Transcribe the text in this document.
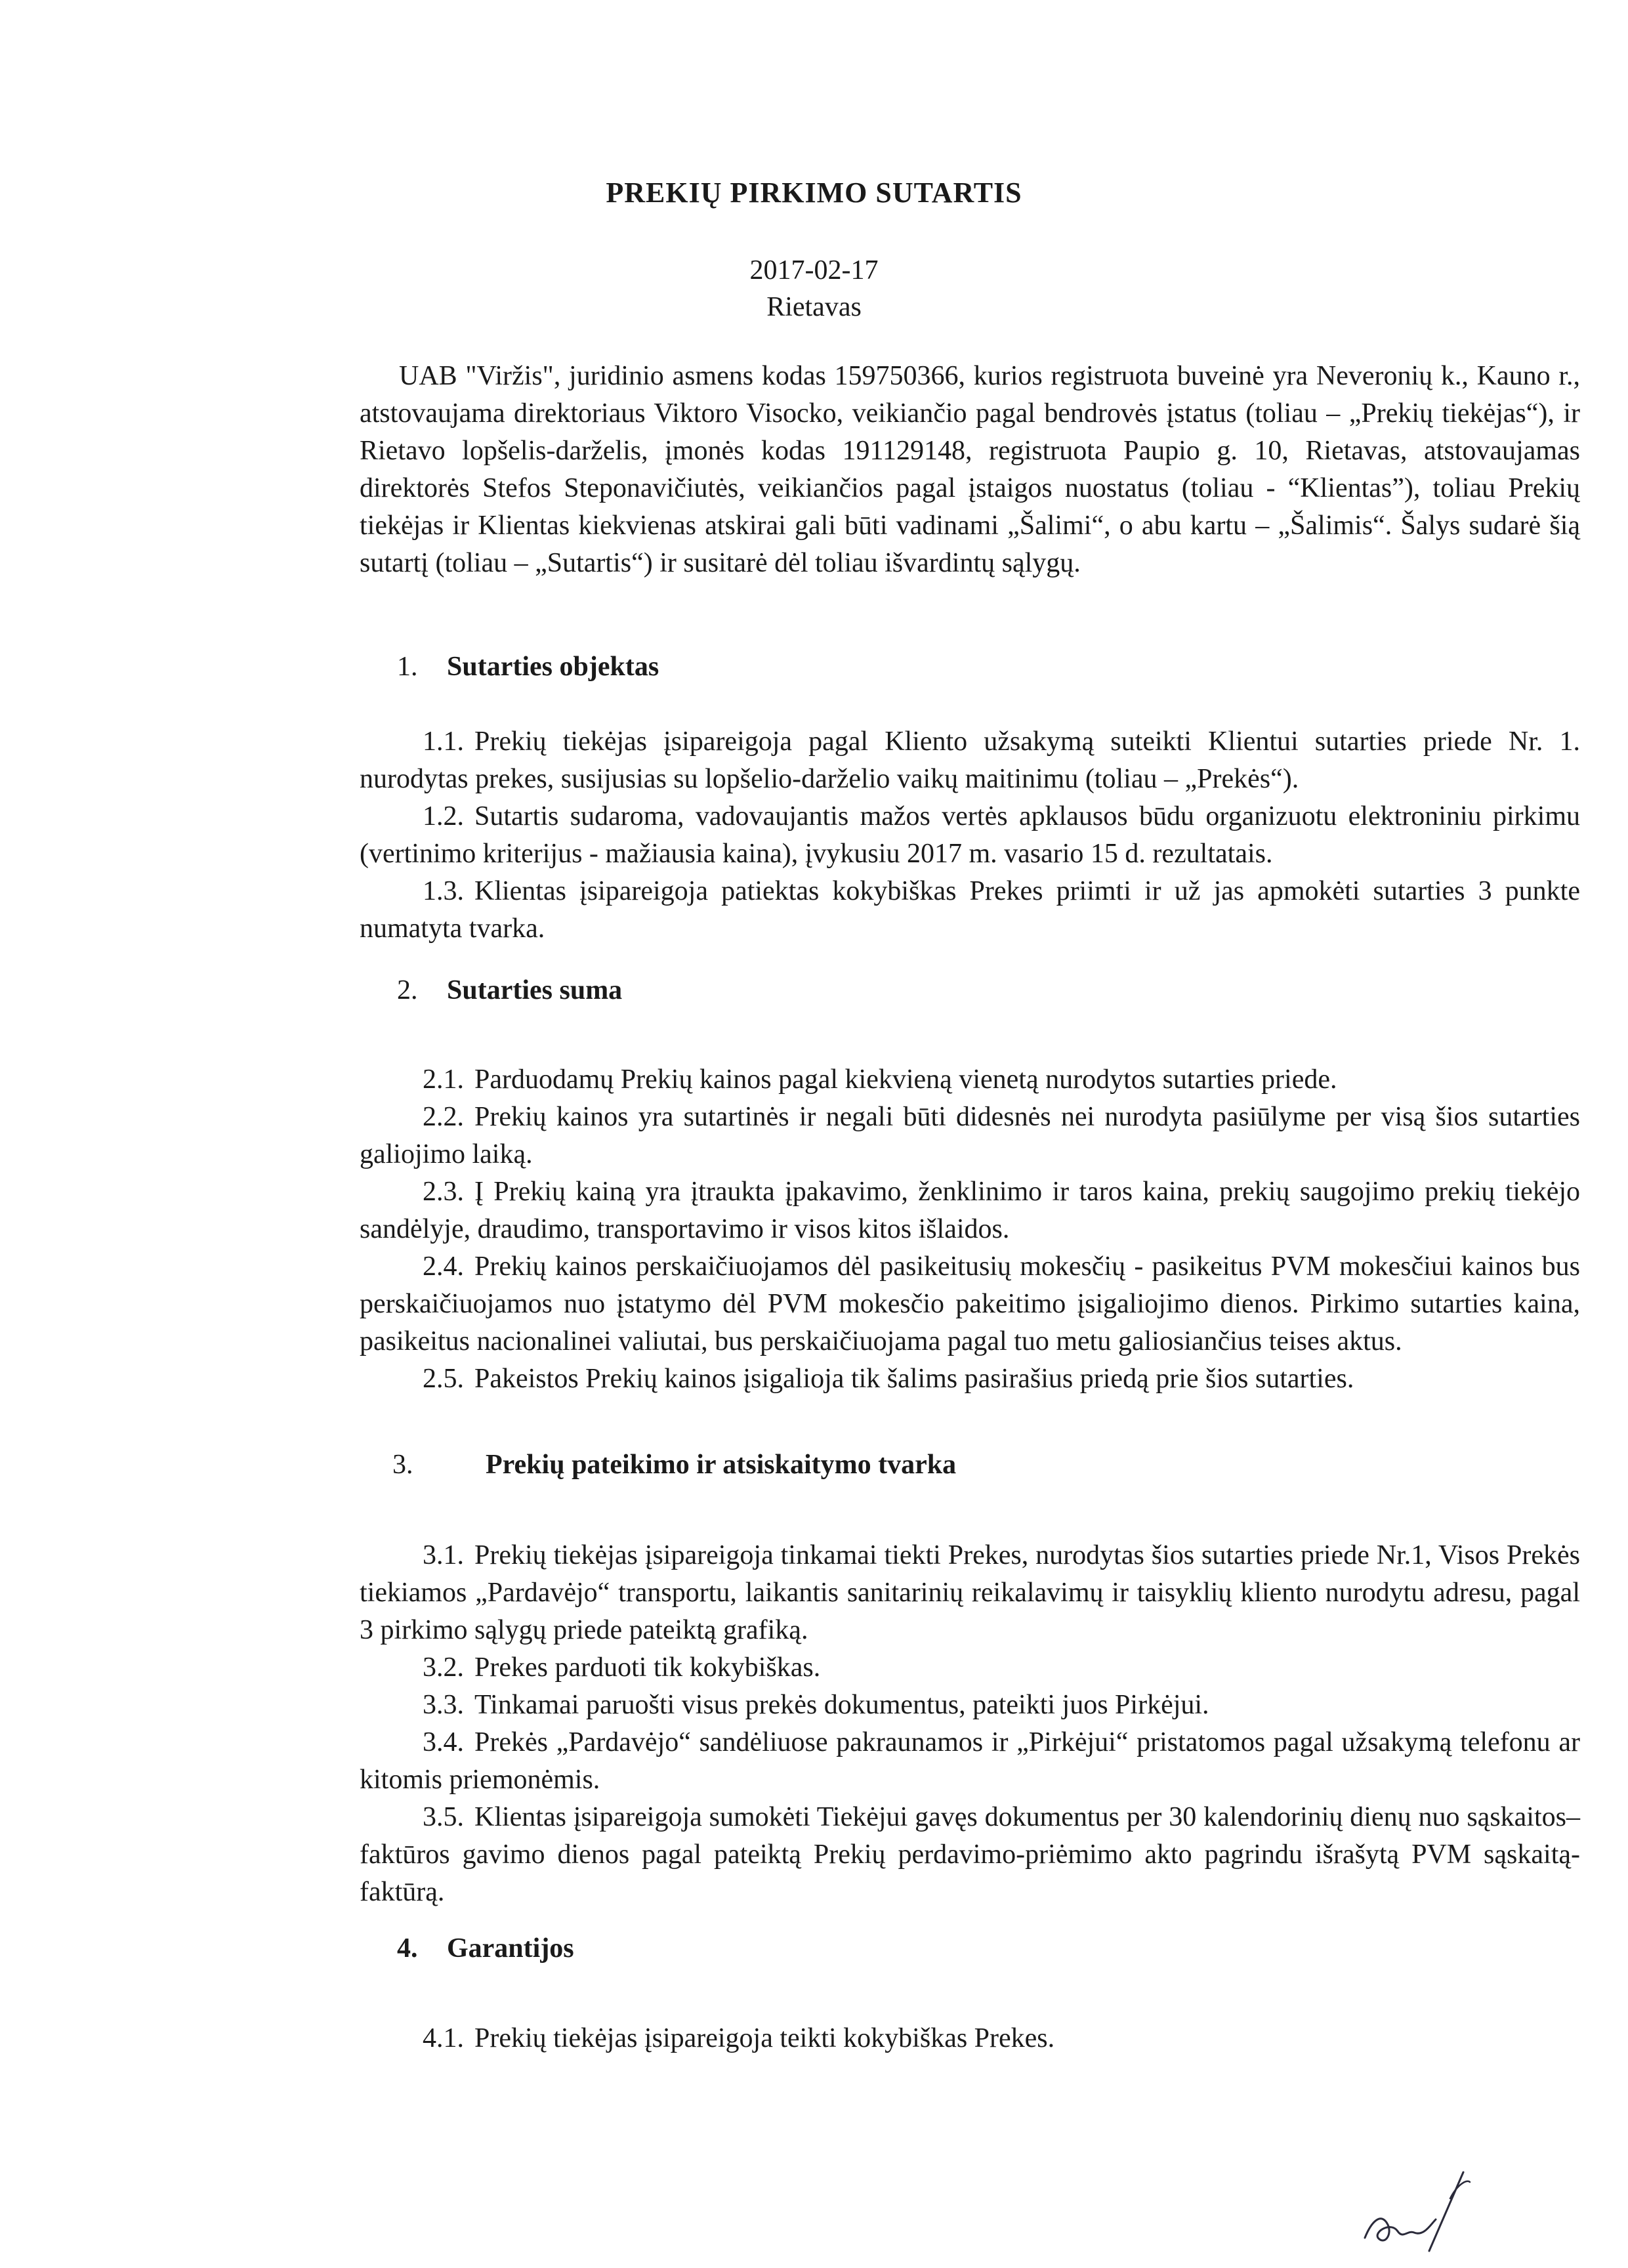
PREKIŲ PIRKIMO SUTARTIS
2017-02-17
Rietavas

UAB "Viržis", juridinio asmens kodas 159750366, kurios registruota buveinė yra Neveronių k., Kauno r., atstovaujama direktoriaus Viktoro Visocko, veikiančio pagal bendrovės įstatus (toliau – „Prekių tiekėjas“), ir Rietavo lopšelis-darželis, įmonės kodas 191129148, registruota Paupio g. 10, Rietavas, atstovaujamas direktorės Stefos Steponavičiutės, veikiančios pagal įstaigos nuostatus (toliau - “Klientas”), toliau Prekių tiekėjas ir Klientas kiekvienas atskirai gali būti vadinami „Šalimi“, o abu kartu – „Šalimis“. Šalys sudarė šią sutartį (toliau – „Sutartis“) ir susitarė dėl toliau išvardintų sąlygų.

1. Sutarties objektas

1.1. Prekių tiekėjas įsipareigoja pagal Kliento užsakymą suteikti Klientui sutarties priede Nr. 1. nurodytas prekes, susijusias su lopšelio-darželio vaikų maitinimu (toliau – „Prekės“).

1.2. Sutartis sudaroma, vadovaujantis mažos vertės apklausos būdu organizuotu elektroniniu pirkimu (vertinimo kriterijus - mažiausia kaina), įvykusiu 2017 m. vasario 15 d. rezultatais.

1.3. Klientas įsipareigoja patiektas kokybiškas Prekes priimti ir už jas apmokėti sutarties 3 punkte numatyta tvarka.

2. Sutarties suma

2.1. Parduodamų Prekių kainos pagal kiekvieną vienetą nurodytos sutarties priede.

2.2. Prekių kainos yra sutartinės ir negali būti didesnės nei nurodyta pasiūlyme per visą šios sutarties galiojimo laiką.

2.3. Į Prekių kainą yra įtraukta įpakavimo, ženklinimo ir taros kaina, prekių saugojimo prekių tiekėjo sandėlyje, draudimo, transportavimo ir visos kitos išlaidos.

2.4. Prekių kainos perskaičiuojamos dėl pasikeitusių mokesčių - pasikeitus PVM mokesčiui kainos bus perskaičiuojamos nuo įstatymo dėl PVM mokesčio pakeitimo įsigaliojimo dienos. Pirkimo sutarties kaina, pasikeitus nacionalinei valiutai, bus perskaičiuojama pagal tuo metu galiosiančius teises aktus.

2.5. Pakeistos Prekių kainos įsigalioja tik šalims pasirašius priedą prie šios sutarties.

3.	Prekių pateikimo ir atsiskaitymo tvarka

3.1. Prekių tiekėjas įsipareigoja tinkamai tiekti Prekes, nurodytas šios sutarties priede Nr.1, Visos Prekės tiekiamos „Pardavėjo“ transportu, laikantis sanitarinių reikalavimų ir taisyklių kliento nurodytu adresu, pagal 3 pirkimo sąlygų priede pateiktą grafiką.

3.2. Prekes parduoti tik kokybiškas.

3.3. Tinkamai paruošti visus prekės dokumentus, pateikti juos Pirkėjui.

3.4. Prekės „Pardavėjo“ sandėliuose pakraunamos ir „Pirkėjui“ pristatomos pagal užsakymą telefonu ar kitomis priemonėmis.

3.5. Klientas įsipareigoja sumokėti Tiekėjui gavęs dokumentus per 30 kalendorinių dienų nuo sąskaitos–faktūros gavimo dienos pagal pateiktą Prekių perdavimo-priėmimo akto pagrindu išrašytą PVM sąskaitą-faktūrą.

4. Garantijos

4.1. Prekių tiekėjas įsipareigoja teikti kokybiškas Prekes.
